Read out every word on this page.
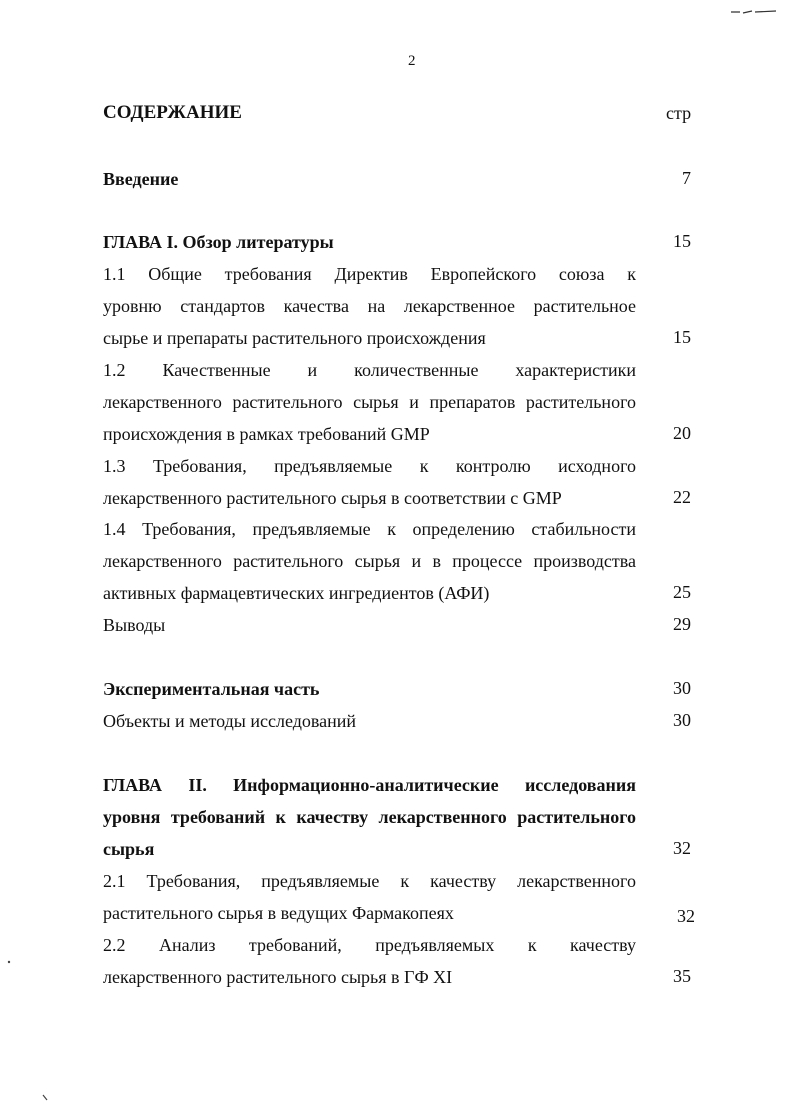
2
СОДЕРЖАНИЕ	стр
Введение	7
ГЛАВА I. Обзор литературы	15
1.1 Общие требования Директив Европейского союза к
уровню стандартов качества на лекарственное растительное
сырье и препараты растительного происхождения	15
1.2 Качественные и количественные характеристики
лекарственного растительного сырья и препаратов растительного
происхождения в рамках требований GMP	20
1.3 Требования, предъявляемые к контролю исходного
лекарственного растительного сырья в соответствии с GMP	22
1.4 Требования, предъявляемые к определению стабильности
лекарственного растительного сырья и в процессе производства
активных фармацевтических ингредиентов (АФИ)	25
Выводы	29
Экспериментальная часть	30
Объекты и методы исследований	30
ГЛАВА II. Информационно-аналитические исследования
уровня требований к качеству лекарственного растительного
сырья	32
2.1 Требования, предъявляемые к качеству лекарственного
растительного сырья в ведущих Фармакопеях	32
2.2 Анализ требований, предъявляемых к качеству
лекарственного растительного сырья в ГФ XI	35
